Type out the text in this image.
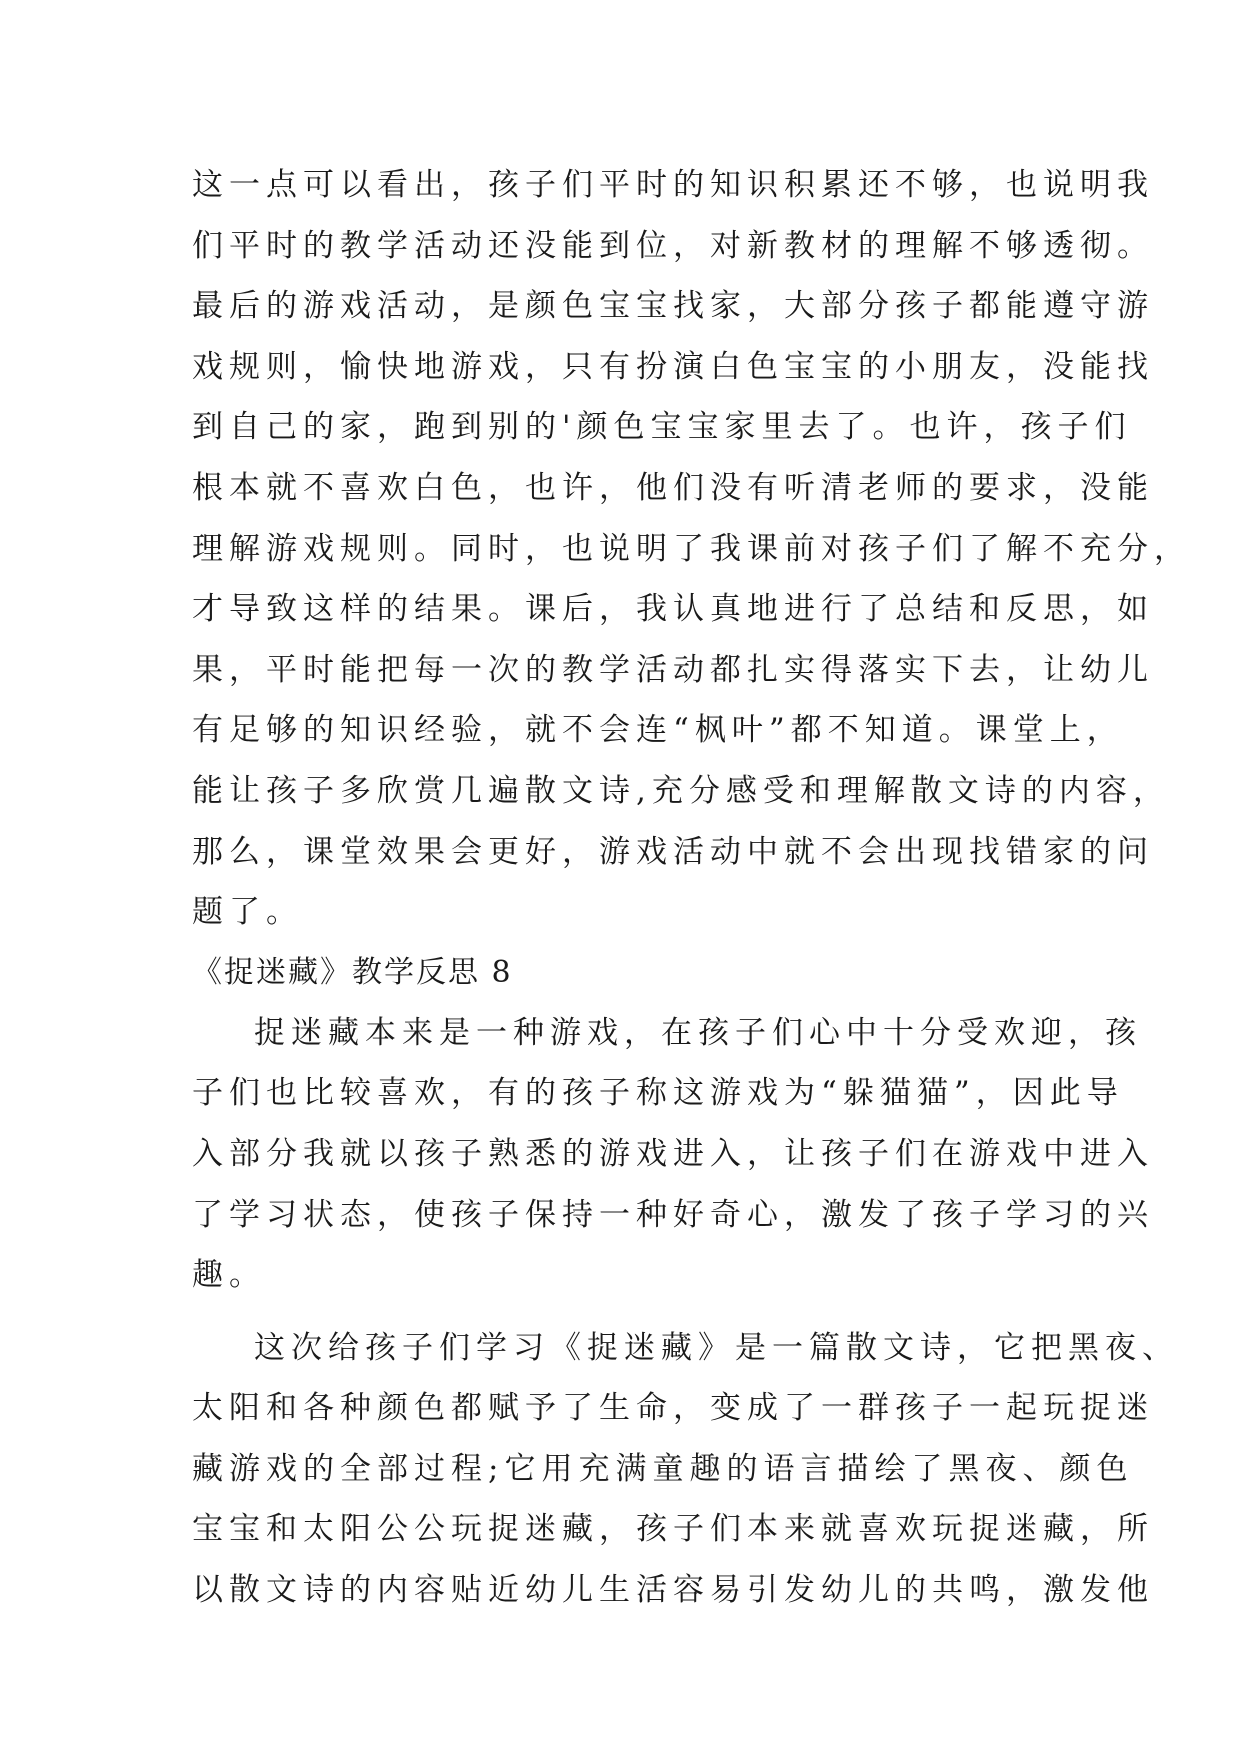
这一点可以看出，孩子们平时的知识积累还不够，也说明我
们平时的教学活动还没能到位，对新教材的理解不够透彻。
最后的游戏活动，是颜色宝宝找家，大部分孩子都能遵守游
戏规则，愉快地游戏，只有扮演白色宝宝的小朋友，没能找
到自己的家，跑到别的'颜色宝宝家里去了。也许，孩子们
根本就不喜欢白色，也许，他们没有听清老师的要求，没能
理解游戏规则。同时，也说明了我课前对孩子们了解不充分，
才导致这样的结果。课后，我认真地进行了总结和反思，如
果，平时能把每一次的教学活动都扎实得落实下去，让幼儿
有足够的知识经验，就不会连“枫叶”都不知道。课堂上，
能让孩子多欣赏几遍散文诗,充分感受和理解散文诗的内容，
那么，课堂效果会更好，游戏活动中就不会出现找错家的问
题了。
《捉迷藏》教学反思 8
捉迷藏本来是一种游戏，在孩子们心中十分受欢迎，孩
子们也比较喜欢，有的孩子称这游戏为“躲猫猫”，因此导
入部分我就以孩子熟悉的游戏进入，让孩子们在游戏中进入
了学习状态，使孩子保持一种好奇心，激发了孩子学习的兴
趣。
这次给孩子们学习《捉迷藏》是一篇散文诗，它把黑夜、
太阳和各种颜色都赋予了生命，变成了一群孩子一起玩捉迷
藏游戏的全部过程;它用充满童趣的语言描绘了黑夜、颜色
宝宝和太阳公公玩捉迷藏，孩子们本来就喜欢玩捉迷藏，所
以散文诗的内容贴近幼儿生活容易引发幼儿的共鸣，激发他
